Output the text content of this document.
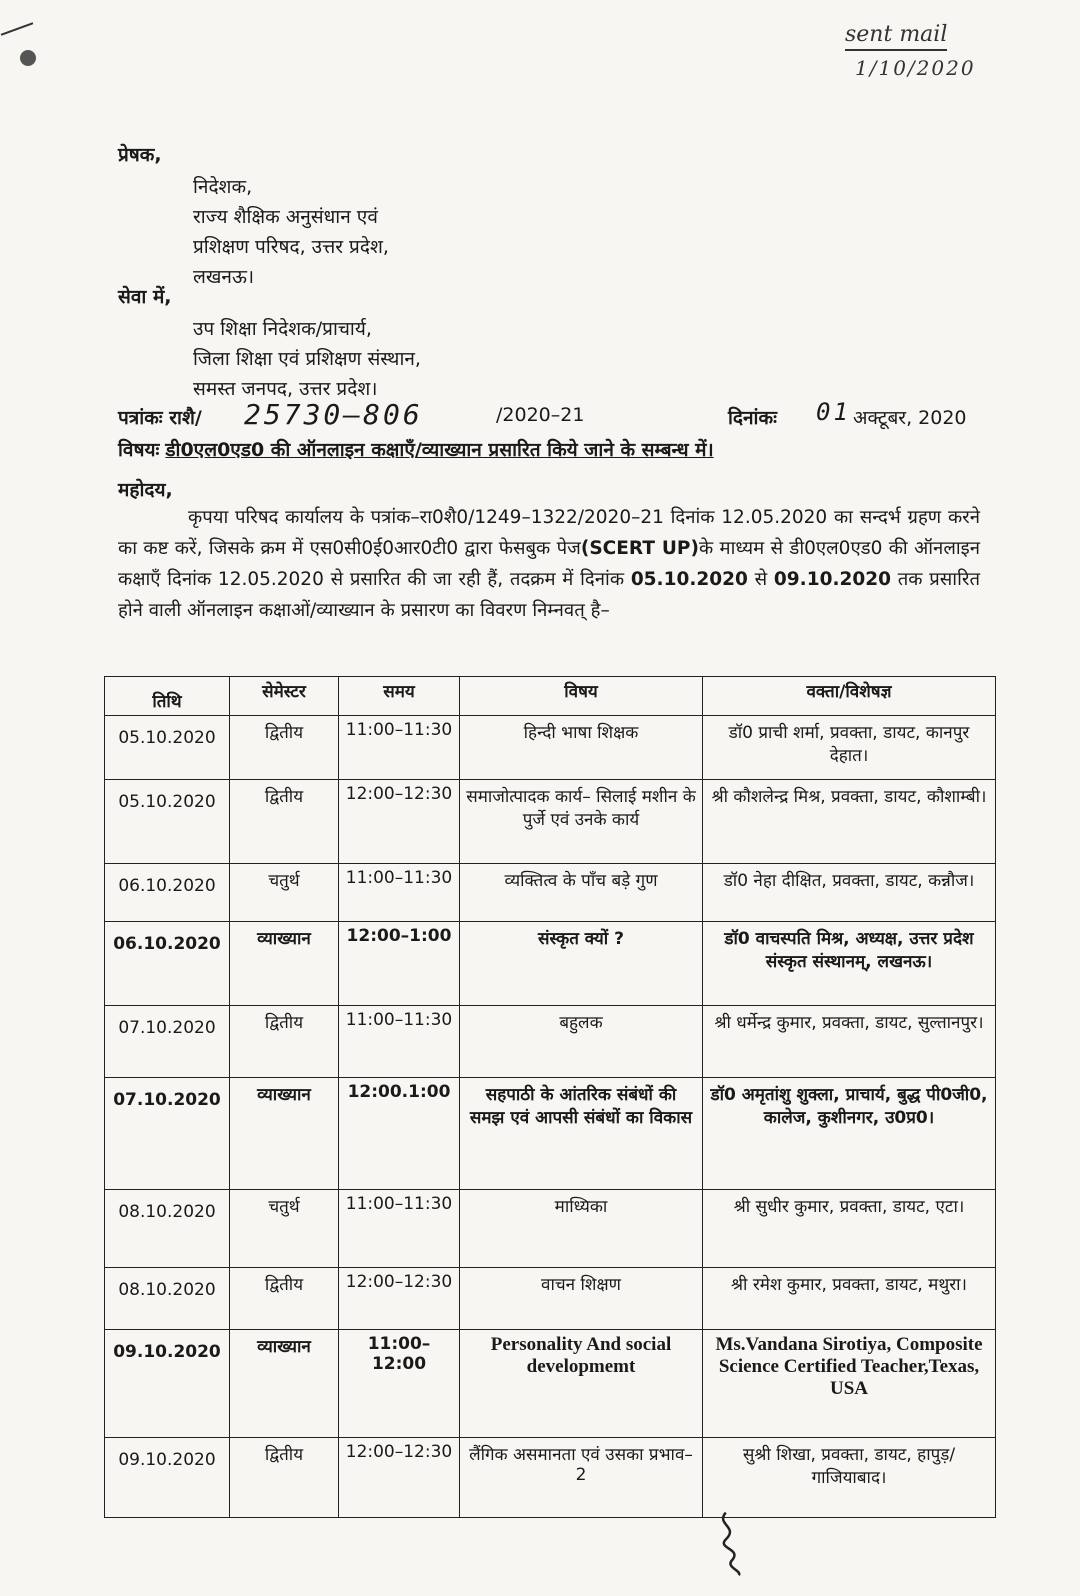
sent mail
1/10/2020
प्रेषक,
निदेशक,
राज्य शैक्षिक अनुसंधान एवं
प्रशिक्षण परिषद, उत्तर प्रदेश,
लखनऊ।
सेवा में,
उप शिक्षा निदेशक/प्राचार्य,
जिला शिक्षा एवं प्रशिक्षण संस्थान,
समस्त जनपद, उत्तर प्रदेश।
पत्रांकः राशै/ 25730—806	/2020–21	दिनांकः 01 अक्टूबर, 2020
विषयः डी0एल0एड0 की ऑनलाइन कक्षाएँ/व्याख्यान प्रसारित किये जाने के सम्बन्ध में।
महोदय,
कृपया परिषद कार्यालय के पत्रांक–रा0शै0/1249–1322/2020–21 दिनांक 12.05.2020 का सन्दर्भ ग्रहण करने का कष्ट करें, जिसके क्रम में एस0सी0ई0आर0टी0 द्वारा फेसबुक पेज(SCERT UP)के माध्यम से डी0एल0एड0 की ऑनलाइन कक्षाएँ दिनांक 12.05.2020 से प्रसारित की जा रही हैं, तदक्रम में दिनांक 05.10.2020 से 09.10.2020 तक प्रसारित होने वाली ऑनलाइन कक्षाओं/व्याख्यान के प्रसारण का विवरण निम्नवत् है–
तिथि	सेमेस्टर	समय	विषय	वक्ता/विशेषज्ञ
05.10.2020	द्वितीय	11:00–11:30	हिन्दी भाषा शिक्षक	डॉ0 प्राची शर्मा, प्रवक्ता, डायट, कानपुर देहात।
05.10.2020	द्वितीय	12:00–12:30	समाजोत्पादक कार्य– सिलाई मशीन के पुर्जे एवं उनके कार्य	श्री कौशलेन्द्र मिश्र, प्रवक्ता, डायट, कौशाम्बी।
06.10.2020	चतुर्थ	11:00–11:30	व्यक्तित्व के पाँच बड़े गुण	डॉ0 नेहा दीक्षित, प्रवक्ता, डायट, कन्नौज।
06.10.2020	व्याख्यान	12:00–1:00	संस्कृत क्यों ?	डॉ0 वाचस्पति मिश्र, अध्यक्ष, उत्तर प्रदेश संस्कृत संस्थानम्, लखनऊ।
07.10.2020	द्वितीय	11:00–11:30	बहुलक	श्री धर्मेन्द्र कुमार, प्रवक्ता, डायट, सुल्तानपुर।
07.10.2020	व्याख्यान	12:00.1:00	सहपाठी के आंतरिक संबंधों की समझ एवं आपसी संबंधों का विकास	डॉ0 अमृतांशु शुक्ला, प्राचार्य, बुद्ध पी0जी0, कालेज, कुशीनगर, उ0प्र0।
08.10.2020	चतुर्थ	11:00–11:30	माध्यिका	श्री सुधीर कुमार, प्रवक्ता, डायट, एटा।
08.10.2020	द्वितीय	12:00–12:30	वाचन शिक्षण	श्री रमेश कुमार, प्रवक्ता, डायट, मथुरा।
09.10.2020	व्याख्यान	11:00–12:00	Personality And social developmemt	Ms.Vandana Sirotiya, Composite Science Certified Teacher,Texas, USA
09.10.2020	द्वितीय	12:00–12:30	लैंगिक असमानता एवं उसका प्रभाव–2	सुश्री शिखा, प्रवक्ता, डायट, हापुड़/गाजियाबाद।
